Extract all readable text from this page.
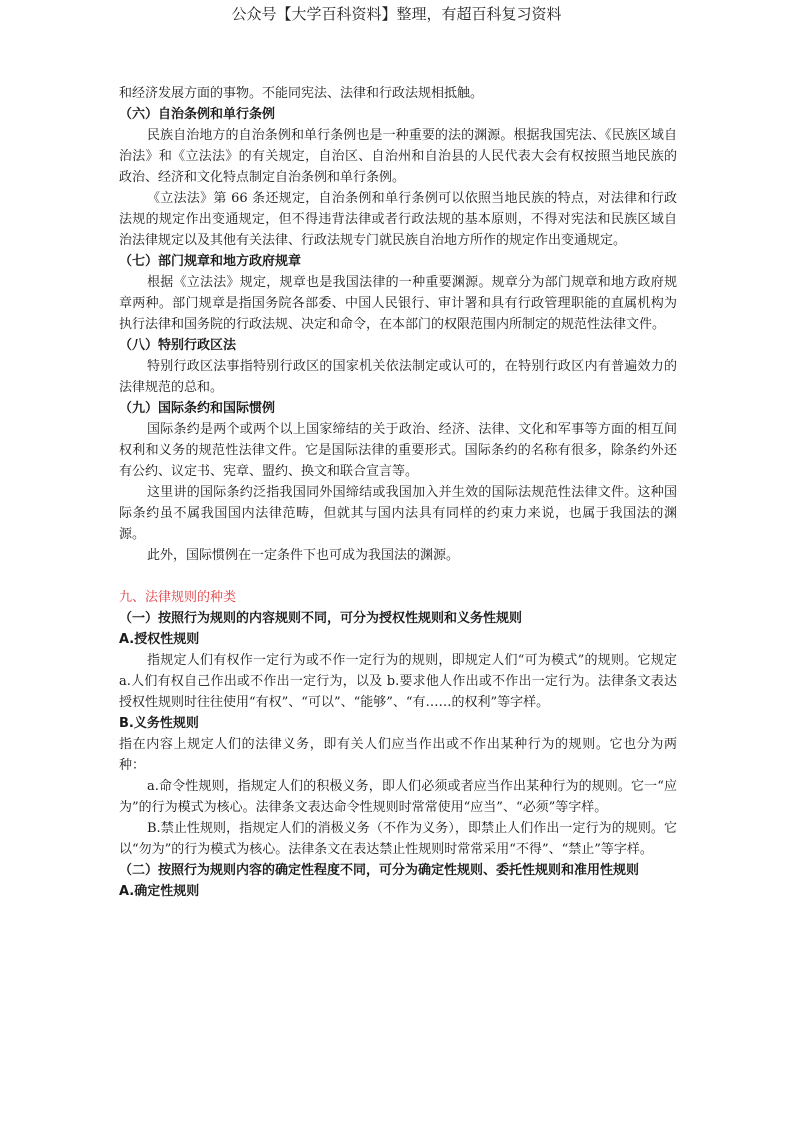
公众号【大学百科资料】整理，有超百科复习资料

和经济发展方面的事物。不能同宪法、法律和行政法规相抵触。

（六）自治条例和单行条例

民族自治地方的自治条例和单行条例也是一种重要的法的渊源。根据我国宪法、《民族区域自治法》和《立法法》的有关规定，自治区、自治州和自治县的人民代表大会有权按照当地民族的政治、经济和文化特点制定自治条例和单行条例。

《立法法》第 66 条还规定，自治条例和单行条例可以依照当地民族的特点，对法律和行政法规的规定作出变通规定，但不得违背法律或者行政法规的基本原则，不得对宪法和民族区域自治法律规定以及其他有关法律、行政法规专门就民族自治地方所作的规定作出变通规定。

（七）部门规章和地方政府规章

根据《立法法》规定，规章也是我国法律的一种重要渊源。规章分为部门规章和地方政府规章两种。部门规章是指国务院各部委、中国人民银行、审计署和具有行政管理职能的直属机构为执行法律和国务院的行政法规、决定和命令，在本部门的权限范围内所制定的规范性法律文件。

（八）特别行政区法

特别行政区法事指特别行政区的国家机关依法制定或认可的，在特别行政区内有普遍效力的法律规范的总和。

（九）国际条约和国际惯例

国际条约是两个或两个以上国家缔结的关于政治、经济、法律、文化和军事等方面的相互间权利和义务的规范性法律文件。它是国际法律的重要形式。国际条约的名称有很多，除条约外还有公约、议定书、宪章、盟约、换文和联合宣言等。

这里讲的国际条约泛指我国同外国缔结或我国加入并生效的国际法规范性法律文件。这种国际条约虽不属我国国内法律范畴，但就其与国内法具有同样的约束力来说，也属于我国法的渊源。

此外，国际惯例在一定条件下也可成为我国法的渊源。

九、法律规则的种类

（一）按照行为规则的内容规则不同，可分为授权性规则和义务性规则

A.授权性规则

指规定人们有权作一定行为或不作一定行为的规则，即规定人们“可为模式”的规则。它规定 a.人们有权自己作出或不作出一定行为，以及 b.要求他人作出或不作出一定行为。法律条文表达授权性规则时往往使用“有权”、“可以”、“能够”、“有……的权利”等字样。

B.义务性规则

指在内容上规定人们的法律义务，即有关人们应当作出或不作出某种行为的规则。它也分为两种：

a.命令性规则，指规定人们的积极义务，即人们必须或者应当作出某种行为的规则。它一“应为”的行为模式为核心。法律条文表达命令性规则时常常使用“应当”、“必须”等字样。

B.禁止性规则，指规定人们的消极义务（不作为义务），即禁止人们作出一定行为的规则。它以“勿为”的行为模式为核心。法律条文在表达禁止性规则时常常采用“不得”、“禁止”等字样。

（二）按照行为规则内容的确定性程度不同，可分为确定性规则、委托性规则和准用性规则

A.确定性规则
